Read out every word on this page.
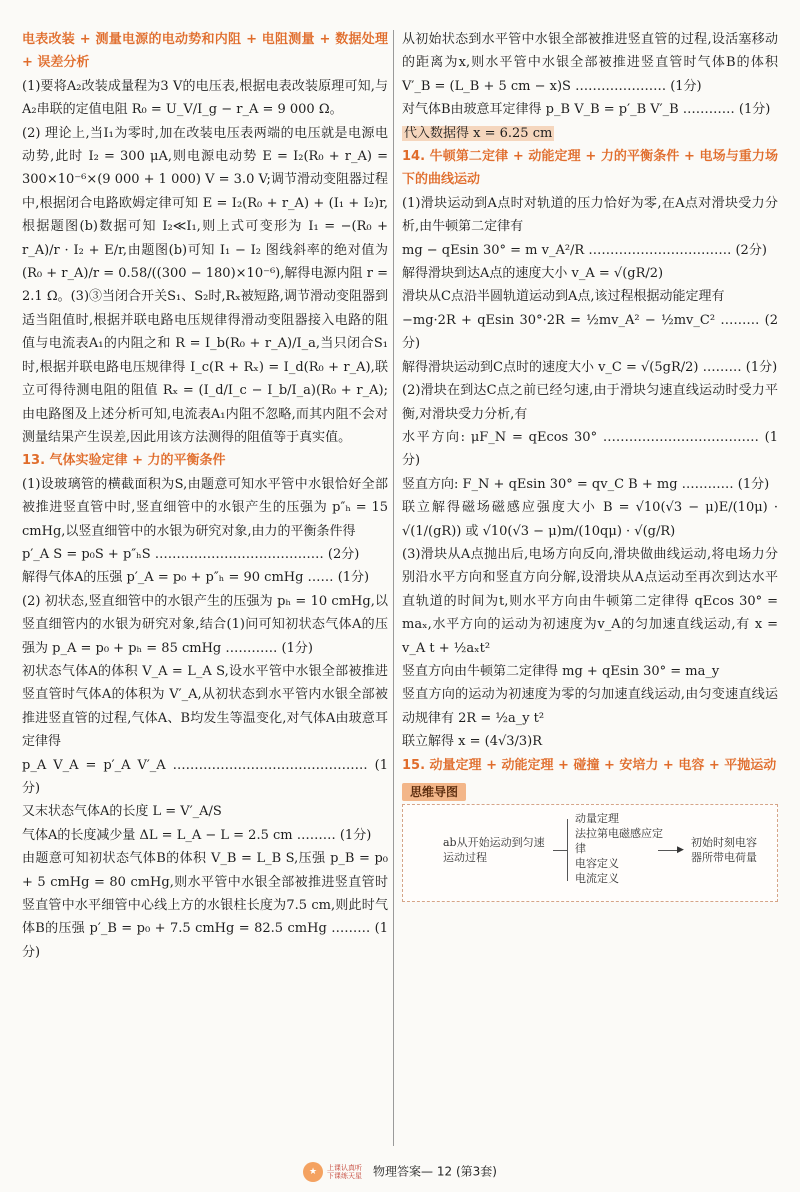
电表改装 + 测量电源的电动势和内阻 + 电阻测量 + 数据处理 + 误差分析

(1)要将A₂改装成量程为3 V的电压表,根据电表改装原理可知,与A₂串联的定值电阻 R₀ = U_V/I_g − r_A = 9 000 Ω。

(2) 理论上,当I₁为零时,加在改装电压表两端的电压就是电源电动势,此时 I₂ = 300 μA,则电源电动势 E = I₂(R₀ + r_A) = 300×10⁻⁶×(9 000 + 1 000) V = 3.0 V;调节滑动变阻器过程中,根据闭合电路欧姆定律可知 E = I₂(R₀ + r_A) + (I₁ + I₂)r,根据题图(b)数据可知 I₂≪I₁,则上式可变形为 I₁ = −(R₀ + r_A)/r · I₂ + E/r,由题图(b)可知 I₁ − I₂ 图线斜率的绝对值为 (R₀ + r_A)/r = 0.58/((300 − 180)×10⁻⁶),解得电源内阻 r = 2.1 Ω。(3)③当闭合开关S₁、S₂时,Rₓ被短路,调节滑动变阻器到适当阻值时,根据并联电路电压规律得滑动变阻器接入电路的阻值与电流表A₁的内阻之和 R = I_b(R₀ + r_A)/I_a,当只闭合S₁时,根据并联电路电压规律得 I_c(R + Rₓ) = I_d(R₀ + r_A),联立可得待测电阻的阻值 Rₓ = (I_d/I_c − I_b/I_a)(R₀ + r_A);由电路图及上述分析可知,电流表A₁内阻不忽略,而其内阻不会对测量结果产生误差,因此用该方法测得的阻值等于真实值。

13. 气体实验定律 + 力的平衡条件

(1)设玻璃管的横截面积为S,由题意可知水平管中水银恰好全部被推进竖直管中时,竖直细管中的水银产生的压强为 p″ₕ = 15 cmHg,以竖直细管中的水银为研究对象,由力的平衡条件得

p′_A S = p₀S + p″ₕS ………………………………… (2分)

解得气体A的压强 p′_A = p₀ + p″ₕ = 90 cmHg …… (1分)

(2) 初状态,竖直细管中的水银产生的压强为 pₕ = 10 cmHg,以竖直细管内的水银为研究对象,结合(1)问可知初状态气体A的压强为 p_A = p₀ + pₕ = 85 cmHg ………… (1分)

初状态气体A的体积 V_A = L_A S,设水平管中水银全部被推进竖直管时气体A的体积为 V′_A,从初状态到水平管内水银全部被推进竖直管的过程,气体A、B均发生等温变化,对气体A由玻意耳定律得

p_A V_A = p′_A V′_A ……………………………………… (1分)

又末状态气体A的长度 L = V′_A/S

气体A的长度减少量 ΔL = L_A − L = 2.5 cm ……… (1分)

由题意可知初状态气体B的体积 V_B = L_B S,压强 p_B = p₀ + 5 cmHg = 80 cmHg,则水平管中水银全部被推进竖直管时竖直管中水平细管中心线上方的水银柱长度为7.5 cm,则此时气体B的压强 p′_B = p₀ + 7.5 cmHg = 82.5 cmHg ……… (1分)

从初始状态到水平管中水银全部被推进竖直管的过程,设活塞移动的距离为x,则水平管中水银全部被推进竖直管时气体B的体积 V′_B = (L_B + 5 cm − x)S ………………… (1分)

对气体B由玻意耳定律得 p_B V_B = p′_B V′_B ………… (1分)

代入数据得 x = 6.25 cm

14. 牛顿第二定律 + 动能定理 + 力的平衡条件 + 电场与重力场下的曲线运动

(1)滑块运动到A点时对轨道的压力恰好为零,在A点对滑块受力分析,由牛顿第二定律有

mg − qEsin 30° = m v_A²/R …………………………… (2分)

解得滑块到达A点的速度大小 v_A = √(gR/2)

滑块从C点沿半圆轨道运动到A点,该过程根据动能定理有

−mg·2R + qEsin 30°·2R = ½mv_A² − ½mv_C² ……… (2分)

解得滑块运动到C点时的速度大小 v_C = √(5gR/2) ……… (1分)

(2)滑块在到达C点之前已经匀速,由于滑块匀速直线运动时受力平衡,对滑块受力分析,有

水平方向: μF_N = qEcos 30° ……………………………… (1分)

竖直方向: F_N + qEsin 30° = qv_C B + mg ………… (1分)

联立解得磁场磁感应强度大小 B = √10(√3 − μ)E/(10μ) · √(1/(gR)) 或 √10(√3 − μ)m/(10qμ) · √(g/R)

(3)滑块从A点抛出后,电场方向反向,滑块做曲线运动,将电场力分别沿水平方向和竖直方向分解,设滑块从A点运动至再次到达水平直轨道的时间为t,则水平方向由牛顿第二定律得 qEcos 30° = maₓ,水平方向的运动为初速度为v_A的匀加速直线运动,有 x = v_A t + ½aₓt²

竖直方向由牛顿第二定律得 mg + qEsin 30° = ma_y

竖直方向的运动为初速度为零的匀加速直线运动,由匀变速直线运动规律有 2R = ½a_y t²

联立解得 x = (4√3/3)R

15. 动量定理 + 动能定理 + 碰撞 + 安培力 + 电容 + 平抛运动

思维导图
ab从开始运动到匀速运动过程
动量定理
法拉第电磁感应定律
电容定义
电流定义
▶
初始时刻电容器所带电荷量
★ 上课认真听 下课练天星 物理答案— 12 (第3套)
